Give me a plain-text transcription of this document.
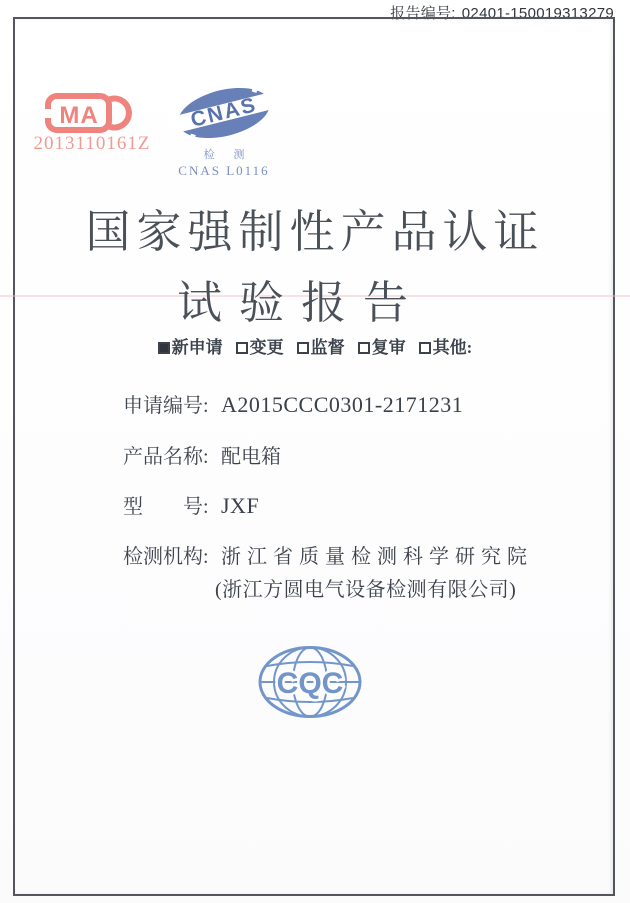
报告编号: 02401-150019313279
MA
2013110161Z
CNAS
检 测
CNAS L0116
国家强制性产品认证
试验报告
新申请 变更 监督 复审 其他:
申请编号: A2015CCC0301-2171231
产品名称: 配电箱
型　　号: JXF
检测机构: 浙江省质量检测科学研究院
(浙江方圆电气设备检测有限公司)
CQC
